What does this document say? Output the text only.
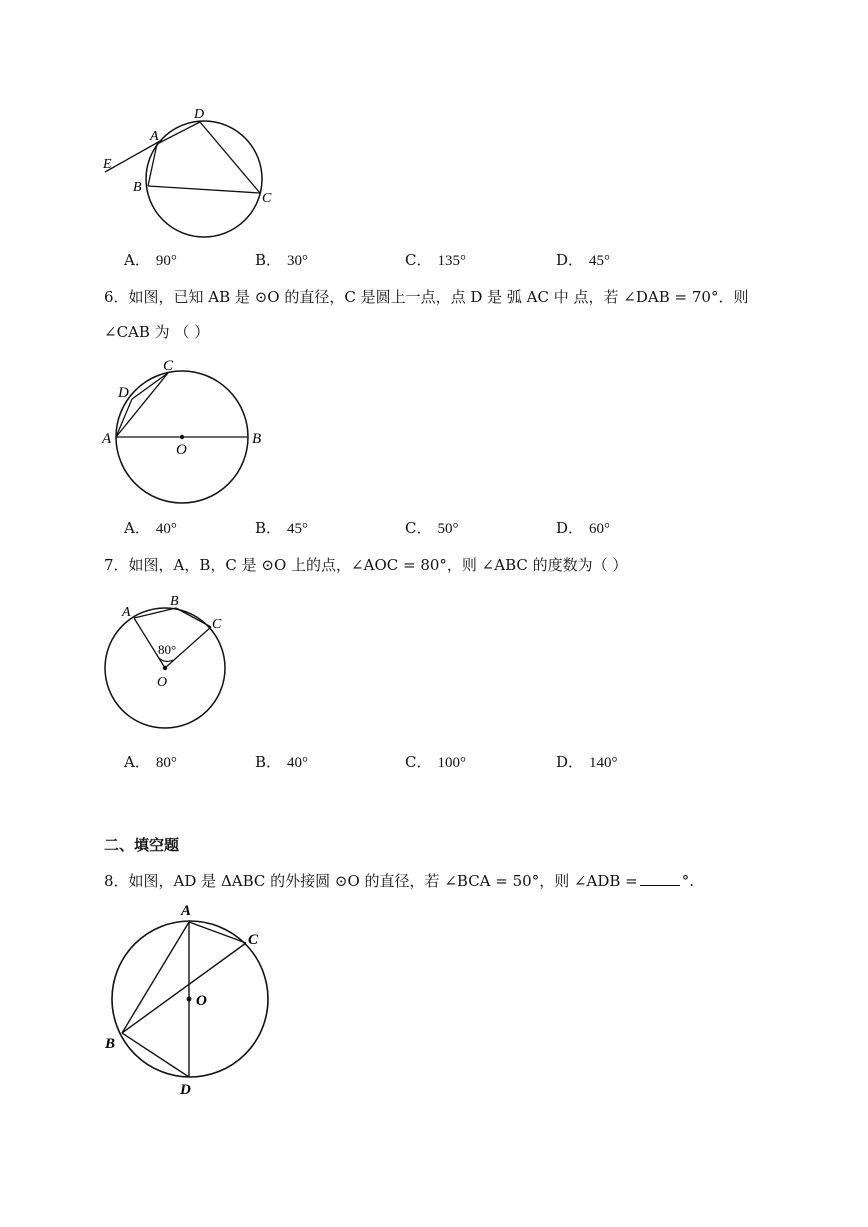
D
A
E
B
C
A． 90°	B． 30°	C． 135°	D． 45°
6．如图，已知 AB 是 ⊙O 的直径，C 是圆上一点，点 D 是 弧 AC 中 点，若 ∠DAB = 70°．则
∠CAB 为 （ ）
C
D
A	B
O
A． 40°	B． 45°	C． 50°	D． 60°
7．如图，A，B，C 是 ⊙O 上的点，∠AOC = 80°，则 ∠ABC 的度数为（ ）
A
B
C
80°
O
A． 80°	B． 40°	C． 100°	D． 140°
二、填空题
8．如图，AD 是 ΔABC 的外接圆 ⊙O 的直径，若 ∠BCA = 50°，则 ∠ADB =	°.
A
C
O
B
D
